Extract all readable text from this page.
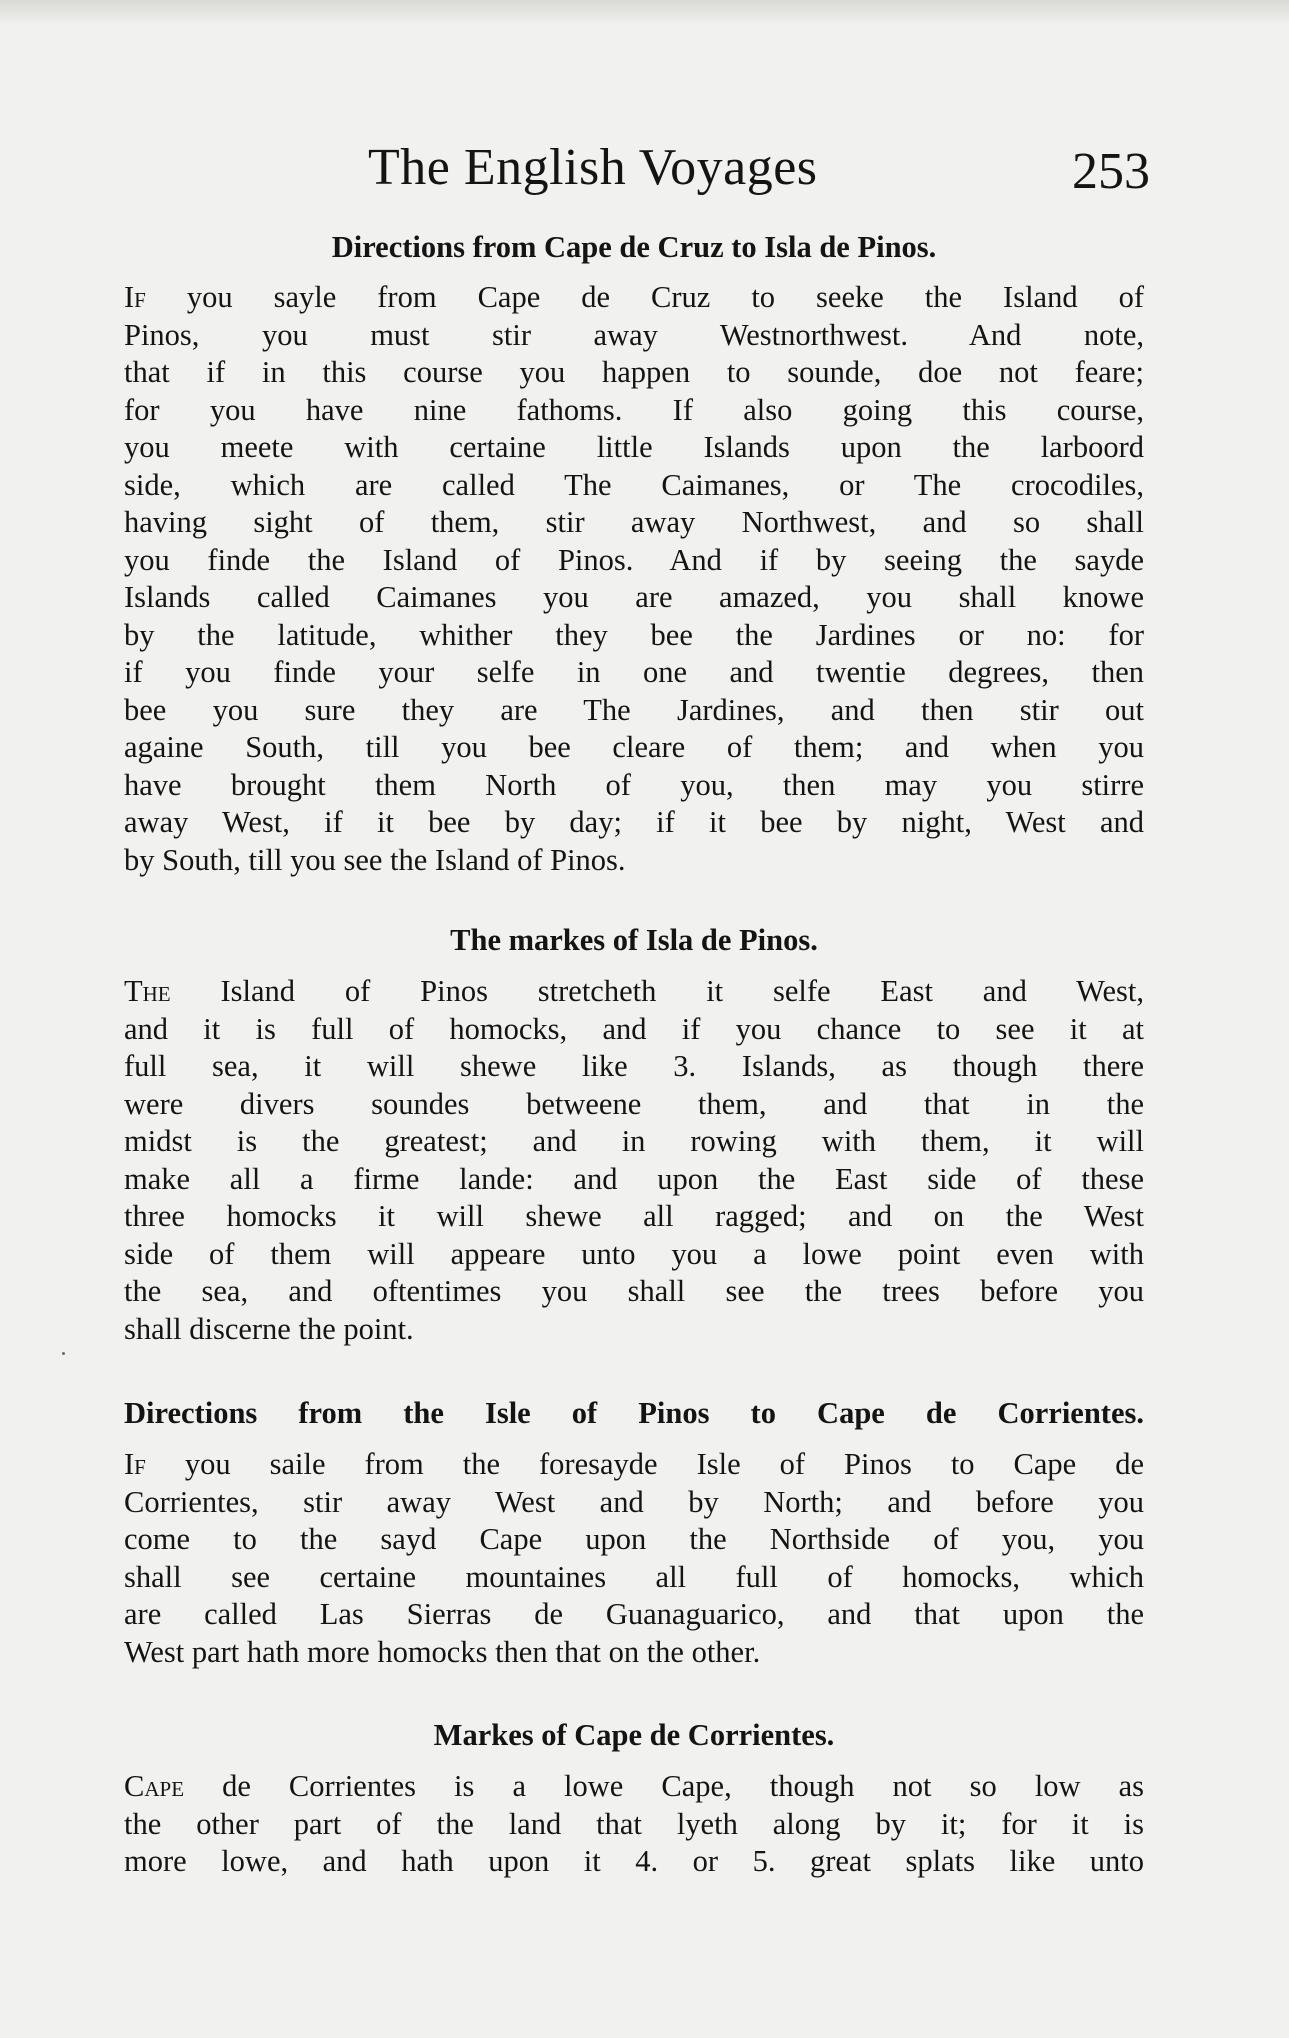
The English Voyages	253
Directions from Cape de Cruz to Isla de Pinos.
If you sayle from Cape de Cruz to seeke the Island of
Pinos, you must stir away Westnorthwest. And note,
that if in this course you happen to sounde, doe not feare;
for you have nine fathoms. If also going this course,
you meete with certaine little Islands upon the larboord
side, which are called The Caimanes, or The crocodiles,
having sight of them, stir away Northwest, and so shall
you finde the Island of Pinos. And if by seeing the sayde
Islands called Caimanes you are amazed, you shall knowe
by the latitude, whither they bee the Jardines or no: for
if you finde your selfe in one and twentie degrees, then
bee you sure they are The Jardines, and then stir out
againe South, till you bee cleare of them; and when you
have brought them North of you, then may you stirre
away West, if it bee by day; if it bee by night, West and
by South, till you see the Island of Pinos.
The markes of Isla de Pinos.
The Island of Pinos stretcheth it selfe East and West,
and it is full of homocks, and if you chance to see it at
full sea, it will shewe like 3. Islands, as though there
were divers soundes betweene them, and that in the
midst is the greatest; and in rowing with them, it will
make all a firme lande: and upon the East side of these
three homocks it will shewe all ragged; and on the West
side of them will appeare unto you a lowe point even with
the sea, and oftentimes you shall see the trees before you
shall discerne the point.
Directions from the Isle of Pinos to Cape de Corrientes.
If you saile from the foresayde Isle of Pinos to Cape de
Corrientes, stir away West and by North; and before you
come to the sayd Cape upon the Northside of you, you
shall see certaine mountaines all full of homocks, which
are called Las Sierras de Guanaguarico, and that upon the
West part hath more homocks then that on the other.
Markes of Cape de Corrientes.
Cape de Corrientes is a lowe Cape, though not so low as
the other part of the land that lyeth along by it; for it is
more lowe, and hath upon it 4. or 5. great splats like unto
